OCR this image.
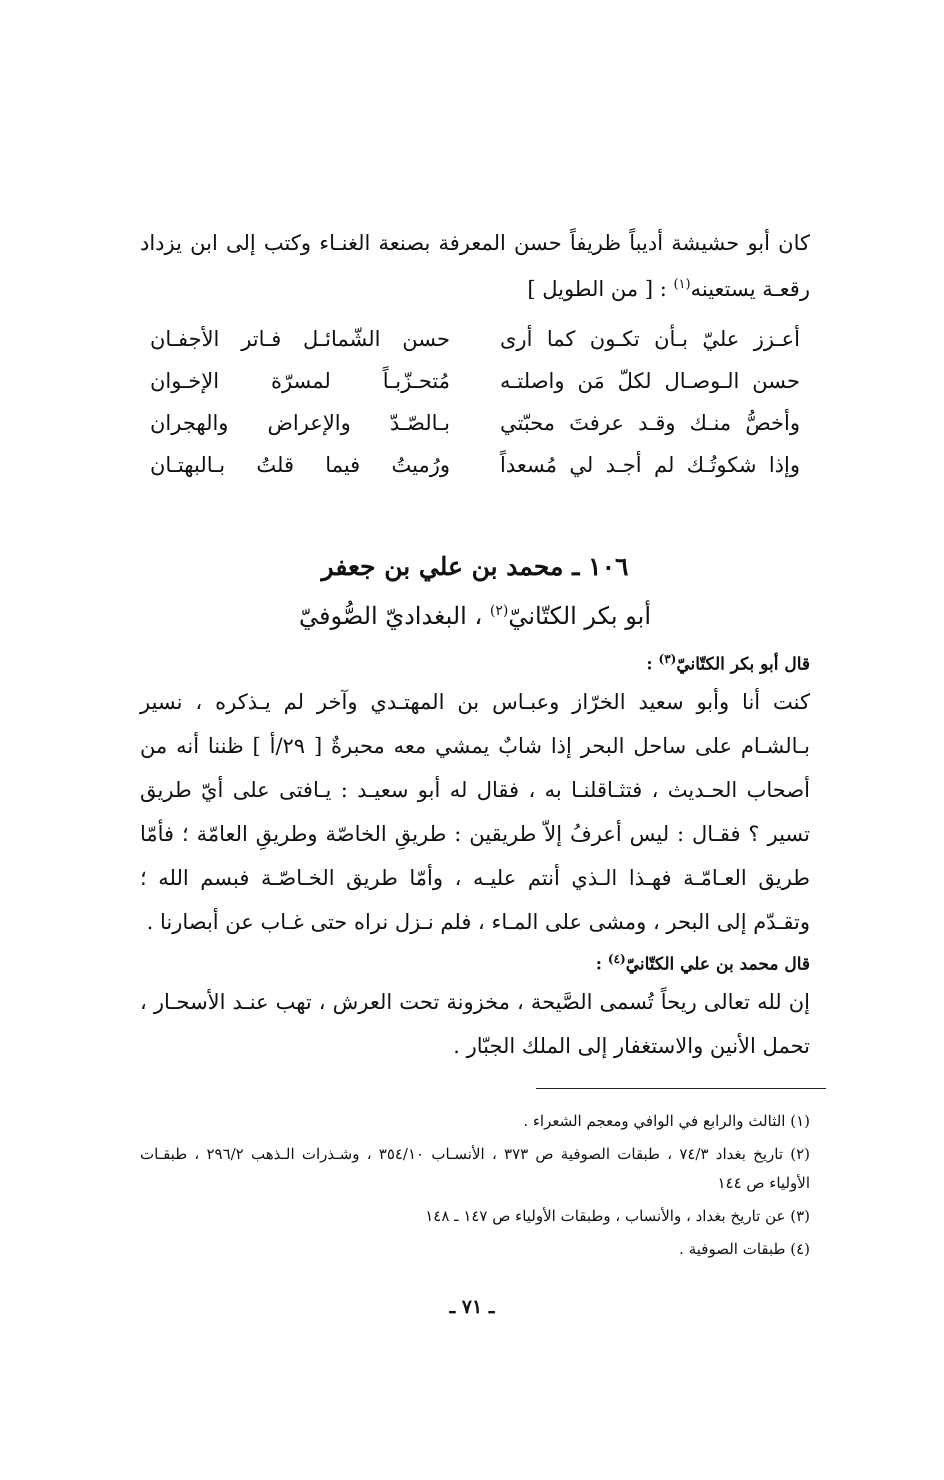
كان أبو حشيشة أديباً ظريفاً حسن المعرفة بصنعة الغنـاء وكتب إلى ابن يزداد رقعـة يستعينه$^{(١)}$ : [ من الطويل ]
أعـزز عليّ بـأن تكـون كما أرى
حسن الشّمائـل فـاتر الأجفـان
حسن الـوصـال لكلّ مَن واصلتـه
مُتحـزّبـاً لمسرّة الإخـوان
وأخصُّ منـك وقـد عرفتَ محبّتي
بـالصّـدّ والإعراض والهجران
وإذا شكوتُـك لم أجـد لي مُسعداً
ورُميتُ فيما قلتُ بـالبهتـان
١٠٦ ـ محمد بن علي بن جعفر
أبو بكر الكتّانيّ$^{(٢)}$ ، البغداديّ الصُّوفيّ
قال أبو بكر الكتّانيّ$^{(٣)}$ :
كنت أنا وأبو سعيد الخرّاز وعبـاس بن المهتـدي وآخر لم يـذكره ، نسير بـالشـام على ساحل البحر إذا شابٌ يمشي معه محبرةٌ [ ٢٩/أ ] ظننا أنه من أصحاب الحـديث ، فتثـاقلنـا به ، فقال له أبو سعيـد : يـافتى على أيّ طريق تسير ؟ فقـال : ليس أعرفُ إلاّ طريقين : طريقِ الخاصّة وطريقِ العامّة ؛ فأمّا طريق العـامّـة فهـذا الـذي أنتم عليـه ، وأمّا طريق الخـاصّـة فبسم الله ؛ وتقـدّم إلى البحر ، ومشى على المـاء ، فلم نـزل نراه حتى غـاب عن أبصارنا .
قال محمد بن علي الكتّانيّ$^{(٤)}$ :
إن لله تعالى ريحاً تُسمى الصَّيحة ، مخزونة تحت العرش ، تهب عنـد الأسحـار ، تحمل الأنين والاستغفار إلى الملك الجبّار .
(١) الثالث والرابع في الوافي ومعجم الشعراء .
(٢) تاريخ بغداد ٧٤/٣ ، طبقات الصوفية ص ٣٧٣ ، الأنسـاب ٣٥٤/١٠ ، وشـذرات الـذهب ٢٩٦/٢ ، طبقـات الأولياء ص ١٤٤
(٣) عن تاريخ بغداد ، والأنساب ، وطبقات الأولياء ص ١٤٧ ـ ١٤٨
(٤) طبقات الصوفية .
ـ ٧١ ـ
